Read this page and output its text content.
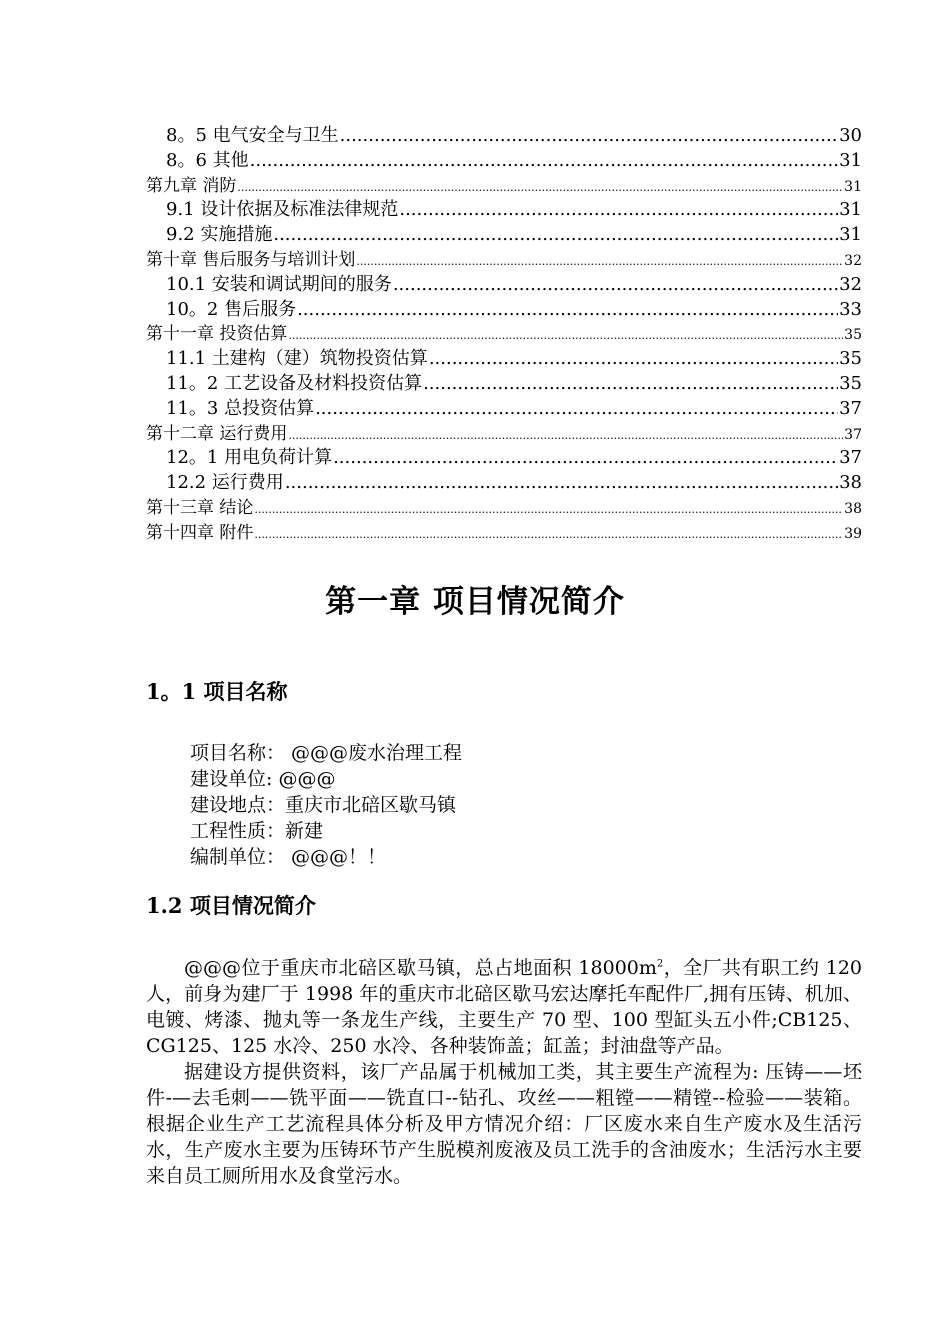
8。5 电气安全与卫生 .....	30
8。6 其他 .....	31
第九章 消防 .....	31
9.1 设计依据及标准法律规范 .....	31
9.2 实施措施 .....	31
第十章 售后服务与培训计划 .....	32
10.1 安装和调试期间的服务 .....	32
10。2 售后服务 .....	33
第十一章 投资估算 .....	35
11.1 土建构（建）筑物投资估算 .....	35
11。2 工艺设备及材料投资估算 .....	35
11。3 总投资估算 .....	37
第十二章 运行费用 .....	37
12。1 用电负荷计算 .....	37
12.2 运行费用 .....	38
第十三章 结论 .....	38
第十四章 附件 .....	39
第一章 项目情况简介
1。1 项目名称
项目名称： @@@废水治理工程
建设单位: @@@
建设地点：重庆市北碚区歇马镇
工程性质：新建
编制单位： @@@！！
1.2 项目情况简介

@@@位于重庆市北碚区歇马镇，总占地面积 $18000m^2$，全厂共有职工约 120 人，前身为建厂于 1998 年的重庆市北碚区歇马宏达摩托车配件厂,拥有压铸、机加、电镀、烤漆、抛丸等一条龙生产线，主要生产 70 型、100 型缸头五小件;CB125、CG125、125 水冷、250 水冷、各种装饰盖；缸盖；封油盘等产品。

据建设方提供资料，该厂产品属于机械加工类，其主要生产流程为: 压铸——坯件-—去毛刺——铣平面——铣直口--钻孔、攻丝——粗镗——精镗--检验——装箱。根据企业生产工艺流程具体分析及甲方情况介绍：厂区废水来自生产废水及生活污水，生产废水主要为压铸环节产生脱模剂废液及员工洗手的含油废水；生活污水主要来自员工厕所用水及食堂污水。
